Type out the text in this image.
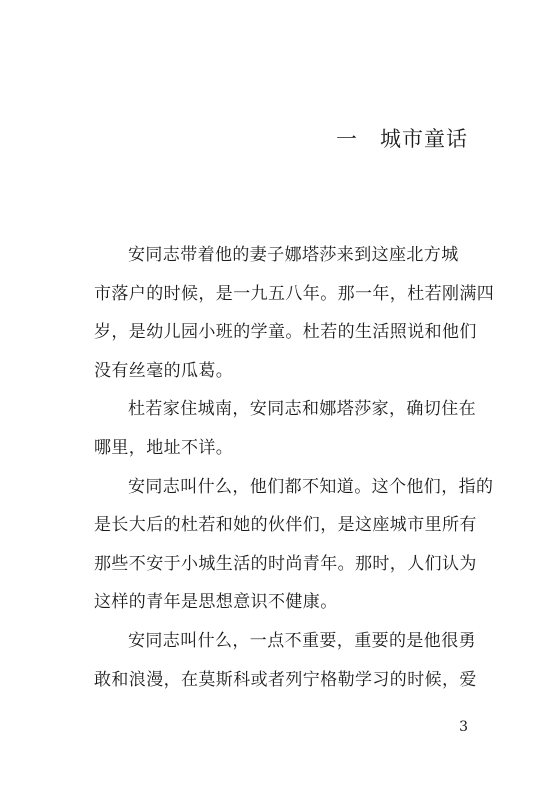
一 城市童话
安同志带着他的妻子娜塔莎来到这座北方城
市落户的时候，是一九五八年。那一年，杜若刚满四
岁，是幼儿园小班的学童。杜若的生活照说和他们
没有丝毫的瓜葛。
杜若家住城南，安同志和娜塔莎家，确切住在
哪里，地址不详。
安同志叫什么，他们都不知道。这个他们，指的
是长大后的杜若和她的伙伴们，是这座城市里所有
那些不安于小城生活的时尚青年。那时，人们认为
这样的青年是思想意识不健康。
安同志叫什么，一点不重要，重要的是他很勇
敢和浪漫，在莫斯科或者列宁格勒学习的时候，爱
3
